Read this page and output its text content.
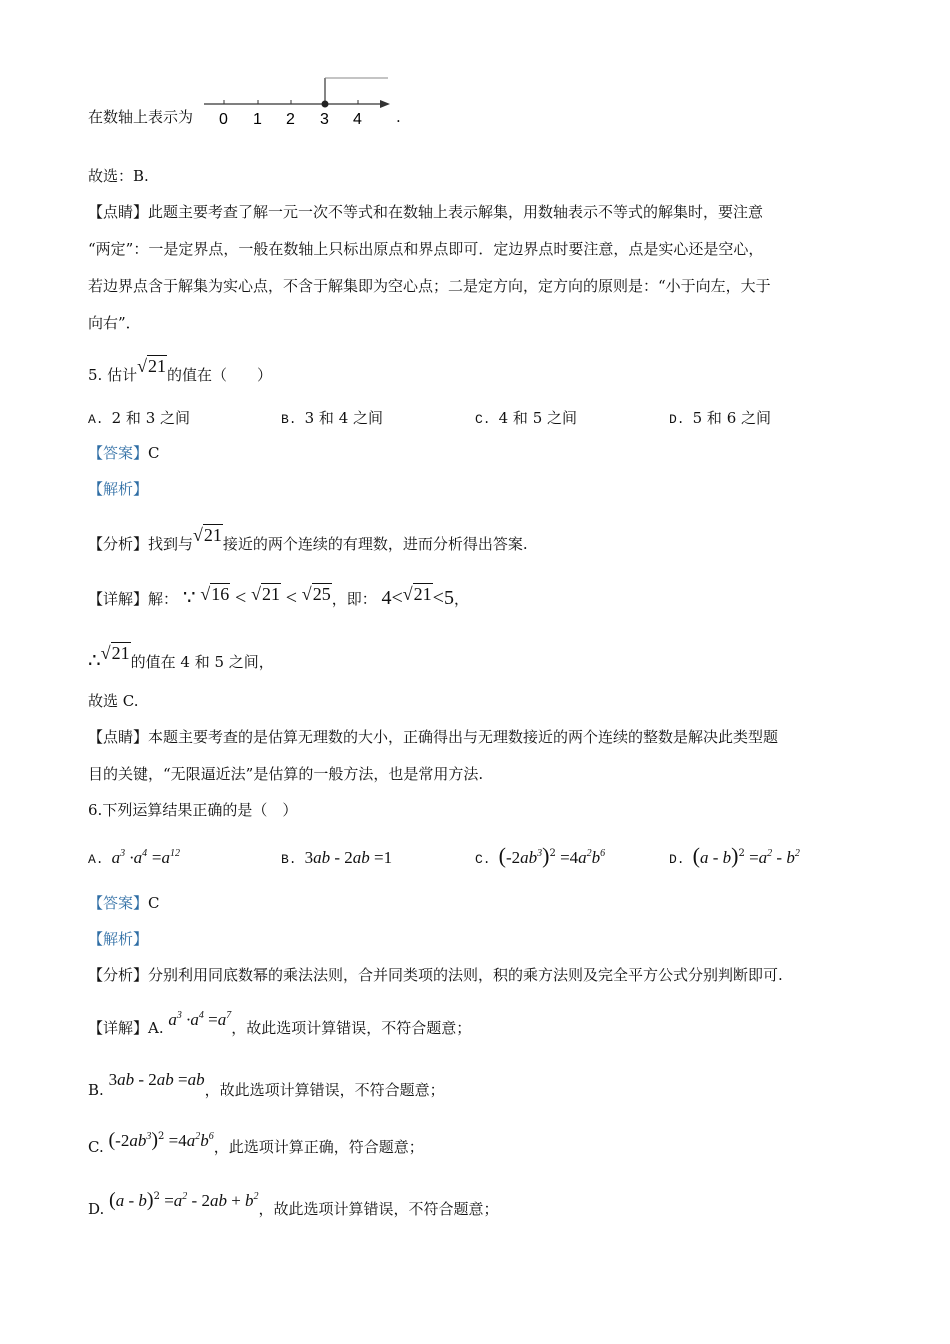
在数轴上表示为 0 1 2 3 4 .
故选：B.
【点睛】此题主要考查了解一元一次不等式和在数轴上表示解集，用数轴表示不等式的解集时，要注意
“两定”：一是定界点，一般在数轴上只标出原点和界点即可．定边界点时要注意，点是实心还是空心，
若边界点含于解集为实心点，不含于解集即为空心点；二是定方向，定方向的原则是：“小于向左，大于
向右”．
5. 估计√21的值在（　　）
A. 2 和 3 之间	B. 3 和 4 之间	C. 4 和 5 之间	D. 5 和 6 之间
【答案】C
【解析】
【分析】找到与√21接近的两个连续的有理数，进而分析得出答案.
【详解】解： ∵ √16 < √21 < √25，即： 4<√21<5，
∴√21的值在 4 和 5 之间，
故选 C.
【点睛】本题主要考查的是估算无理数的大小，正确得出与无理数接近的两个连续的整数是解决此类型题
目的关键，“无限逼近法”是估算的一般方法，也是常用方法.
6.下列运算结果正确的是（　）
A. $a^3 \cdot a^4 =a^{12}$	B. 3ab - 2ab =1	C. $(-2ab^3)^2 =4a^2b^6$	D. $(a - b)^2 =a^2 - b^2$
【答案】C
【解析】
【分析】分别利用同底数幂的乘法法则，合并同类项的法则，积的乘方法则及完全平方公式分别判断即可.
【详解】A. $a^3 \cdot a^4 =a^7$，故此选项计算错误，不符合题意；
B. 3ab - 2ab =ab，故此选项计算错误，不符合题意；
C. $(-2ab^3)^2 =4a^2b^6$，此选项计算正确，符合题意；
D. $(a - b)^2 =a^2 - 2ab + b^2$，故此选项计算错误，不符合题意；
